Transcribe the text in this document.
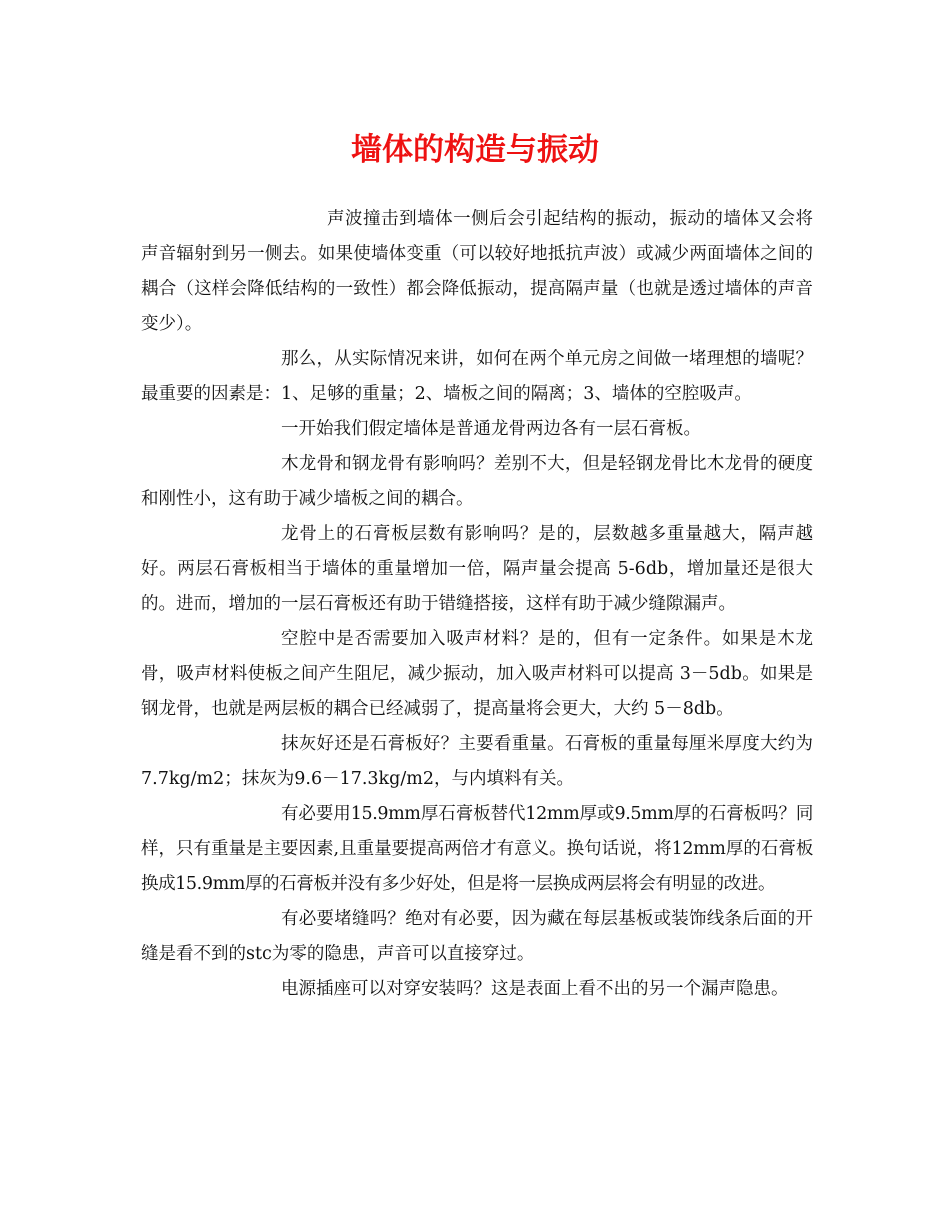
墙体的构造与振动

声波撞击到墙体一侧后会引起结构的振动，振动的墙体又会将声音辐射到另一侧去。如果使墙体变重（可以较好地抵抗声波）或减少两面墙体之间的耦合（这样会降低结构的一致性）都会降低振动，提高隔声量（也就是透过墙体的声音变少）。

那么，从实际情况来讲，如何在两个单元房之间做一堵理想的墙呢？最重要的因素是：1、足够的重量；2、墙板之间的隔离；3、墙体的空腔吸声。

一开始我们假定墙体是普通龙骨两边各有一层石膏板。

木龙骨和钢龙骨有影响吗？差别不大，但是轻钢龙骨比木龙骨的硬度和刚性小，这有助于减少墙板之间的耦合。

龙骨上的石膏板层数有影响吗？是的，层数越多重量越大，隔声越好。两层石膏板相当于墙体的重量增加一倍，隔声量会提高 5-6db，增加量还是很大的。进而，增加的一层石膏板还有助于错缝搭接，这样有助于减少缝隙漏声。

空腔中是否需要加入吸声材料？是的，但有一定条件。如果是木龙骨，吸声材料使板之间产生阻尼，减少振动，加入吸声材料可以提高 3－5db。如果是钢龙骨，也就是两层板的耦合已经减弱了，提高量将会更大，大约 5－8db。

抹灰好还是石膏板好？主要看重量。石膏板的重量每厘米厚度大约为7.7kg/m2；抹灰为9.6－17.3kg/m2，与内填料有关。

有必要用15.9mm厚石膏板替代12mm厚或9.5mm厚的石膏板吗？同样，只有重量是主要因素,且重量要提高两倍才有意义。换句话说，将12mm厚的石膏板换成15.9mm厚的石膏板并没有多少好处，但是将一层换成两层将会有明显的改进。

有必要堵缝吗？绝对有必要，因为藏在每层基板或装饰线条后面的开缝是看不到的stc为零的隐患，声音可以直接穿过。

电源插座可以对穿安装吗？这是表面上看不出的另一个漏声隐患。
